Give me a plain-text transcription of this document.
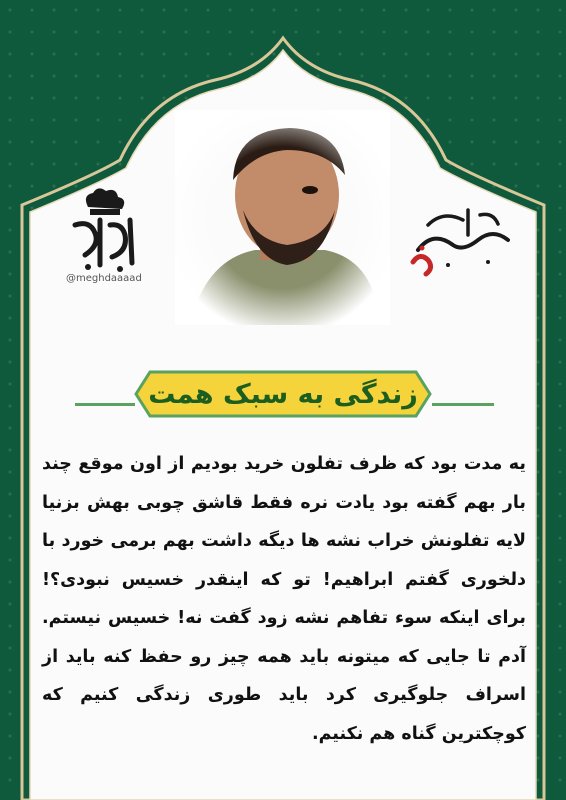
@meghdaaaad
زندگی به سبک همت
یه مدت بود که ظرف تفلون خرید بودیم از اون موقع چند بار بهم گفته بود یادت نره فقط قاشق چوبی بهش بزنیا لایه تفلونش خراب نشه ها دیگه داشت بهم برمی خورد با دلخوری گفتم ابراهیم! تو که اینقدر خسیس نبودی؟! برای اینکه سوء تفاهم نشه زود گفت نه! خسیس نیستم. آدم تا جایی که میتونه باید همه چیز رو حفظ کنه باید از اسراف جلوگیری کرد باید طوری زندگی کنیم که کوچکترین گناه هم نکنیم.
